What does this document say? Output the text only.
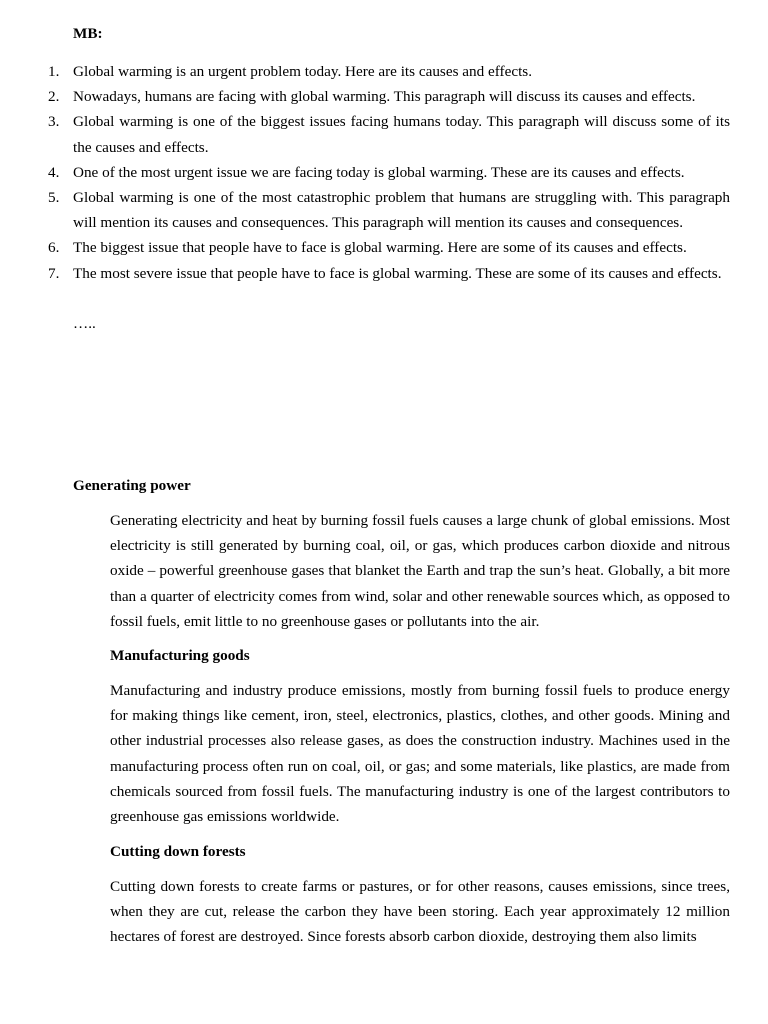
MB:
1. Global warming is an urgent problem today. Here are its causes and effects.
2. Nowadays, humans are facing with global warming. This paragraph will discuss its causes and effects.
3. Global warming is one of the biggest issues facing humans today. This paragraph will discuss some of its the causes and effects.
4. One of the most urgent issue we are facing today is global warming. These are its causes and effects.
5. Global warming is one of the most catastrophic problem that humans are struggling with. This paragraph will mention its causes and consequences. This paragraph will mention its causes and consequences.
6. The biggest issue that people have to face is global warming. Here are some of its causes and effects.
7. The most severe issue that people have to face is global warming. These are some of its causes and effects.
…..
Generating power

Generating electricity and heat by burning fossil fuels causes a large chunk of global emissions. Most electricity is still generated by burning coal, oil, or gas, which produces carbon dioxide and nitrous oxide – powerful greenhouse gases that blanket the Earth and trap the sun’s heat. Globally, a bit more than a quarter of electricity comes from wind, solar and other renewable sources which, as opposed to fossil fuels, emit little to no greenhouse gases or pollutants into the air.

Manufacturing goods

Manufacturing and industry produce emissions, mostly from burning fossil fuels to produce energy for making things like cement, iron, steel, electronics, plastics, clothes, and other goods. Mining and other industrial processes also release gases, as does the construction industry. Machines used in the manufacturing process often run on coal, oil, or gas; and some materials, like plastics, are made from chemicals sourced from fossil fuels. The manufacturing industry is one of the largest contributors to greenhouse gas emissions worldwide.

Cutting down forests

Cutting down forests to create farms or pastures, or for other reasons, causes emissions, since trees, when they are cut, release the carbon they have been storing. Each year approximately 12 million hectares of forest are destroyed. Since forests absorb carbon dioxide, destroying them also limits
